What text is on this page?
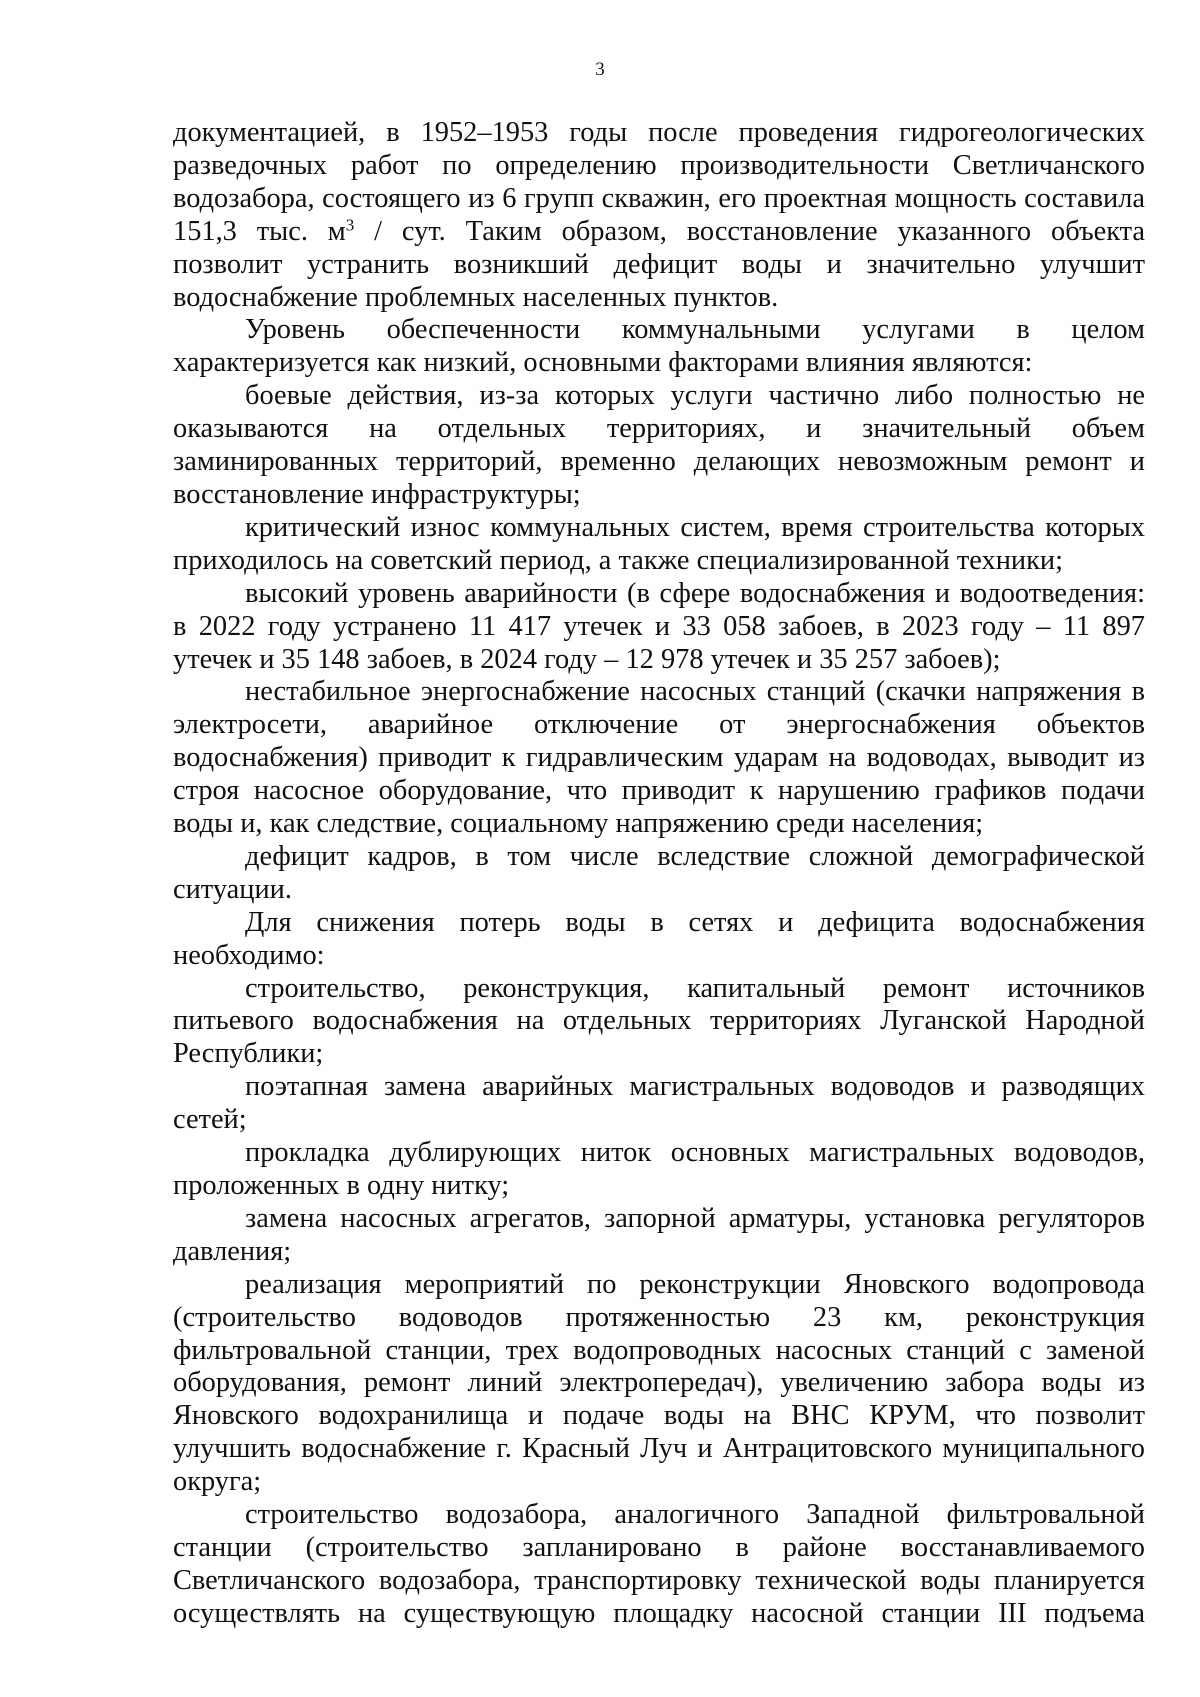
3

документацией, в 1952–1953 годы после проведения гидрогеологических разведочных работ по определению производительности Светличанского водозабора, состоящего из 6 групп скважин, его проектная мощность составила 151,3 тыс. $м^3$ / сут. Таким образом, восстановление указанного объекта позволит устранить возникший дефицит воды и значительно улучшит водоснабжение проблемных населенных пунктов.

Уровень обеспеченности коммунальными услугами в целом характеризуется как низкий, основными факторами влияния являются:

боевые действия, из-за которых услуги частично либо полностью не оказываются на отдельных территориях, и значительный объем заминированных территорий, временно делающих невозможным ремонт и восстановление инфраструктуры;

критический износ коммунальных систем, время строительства которых приходилось на советский период, а также специализированной техники;

высокий уровень аварийности (в сфере водоснабжения и водоотведения: в 2022 году устранено 11 417 утечек и 33 058 забоев, в 2023 году – 11 897 утечек и 35 148 забоев, в 2024 году – 12 978 утечек и 35 257 забоев);

нестабильное энергоснабжение насосных станций (скачки напряжения в электросети, аварийное отключение от энергоснабжения объектов водоснабжения) приводит к гидравлическим ударам на водоводах, выводит из строя насосное оборудование, что приводит к нарушению графиков подачи воды и, как следствие, социальному напряжению среди населения;

дефицит кадров, в том числе вследствие сложной демографической ситуации.

Для снижения потерь воды в сетях и дефицита водоснабжения необходимо:

строительство, реконструкция, капитальный ремонт источников питьевого водоснабжения на отдельных территориях Луганской Народной Республики;

поэтапная замена аварийных магистральных водоводов и разводящих сетей;

прокладка дублирующих ниток основных магистральных водоводов, проложенных в одну нитку;

замена насосных агрегатов, запорной арматуры, установка регуляторов давления;

реализация мероприятий по реконструкции Яновского водопровода (строительство водоводов протяженностью 23 км, реконструкция фильтровальной станции, трех водопроводных насосных станций с заменой оборудования, ремонт линий электропередач), увеличению забора воды из Яновского водохранилища и подаче воды на ВНС КРУМ, что позволит улучшить водоснабжение г. Красный Луч и Антрацитовского муниципального округа;

строительство водозабора, аналогичного Западной фильтровальной станции (строительство запланировано в районе восстанавливаемого Светличанского водозабора, транспортировку технической воды планируется осуществлять на существующую площадку насосной станции III подъема
